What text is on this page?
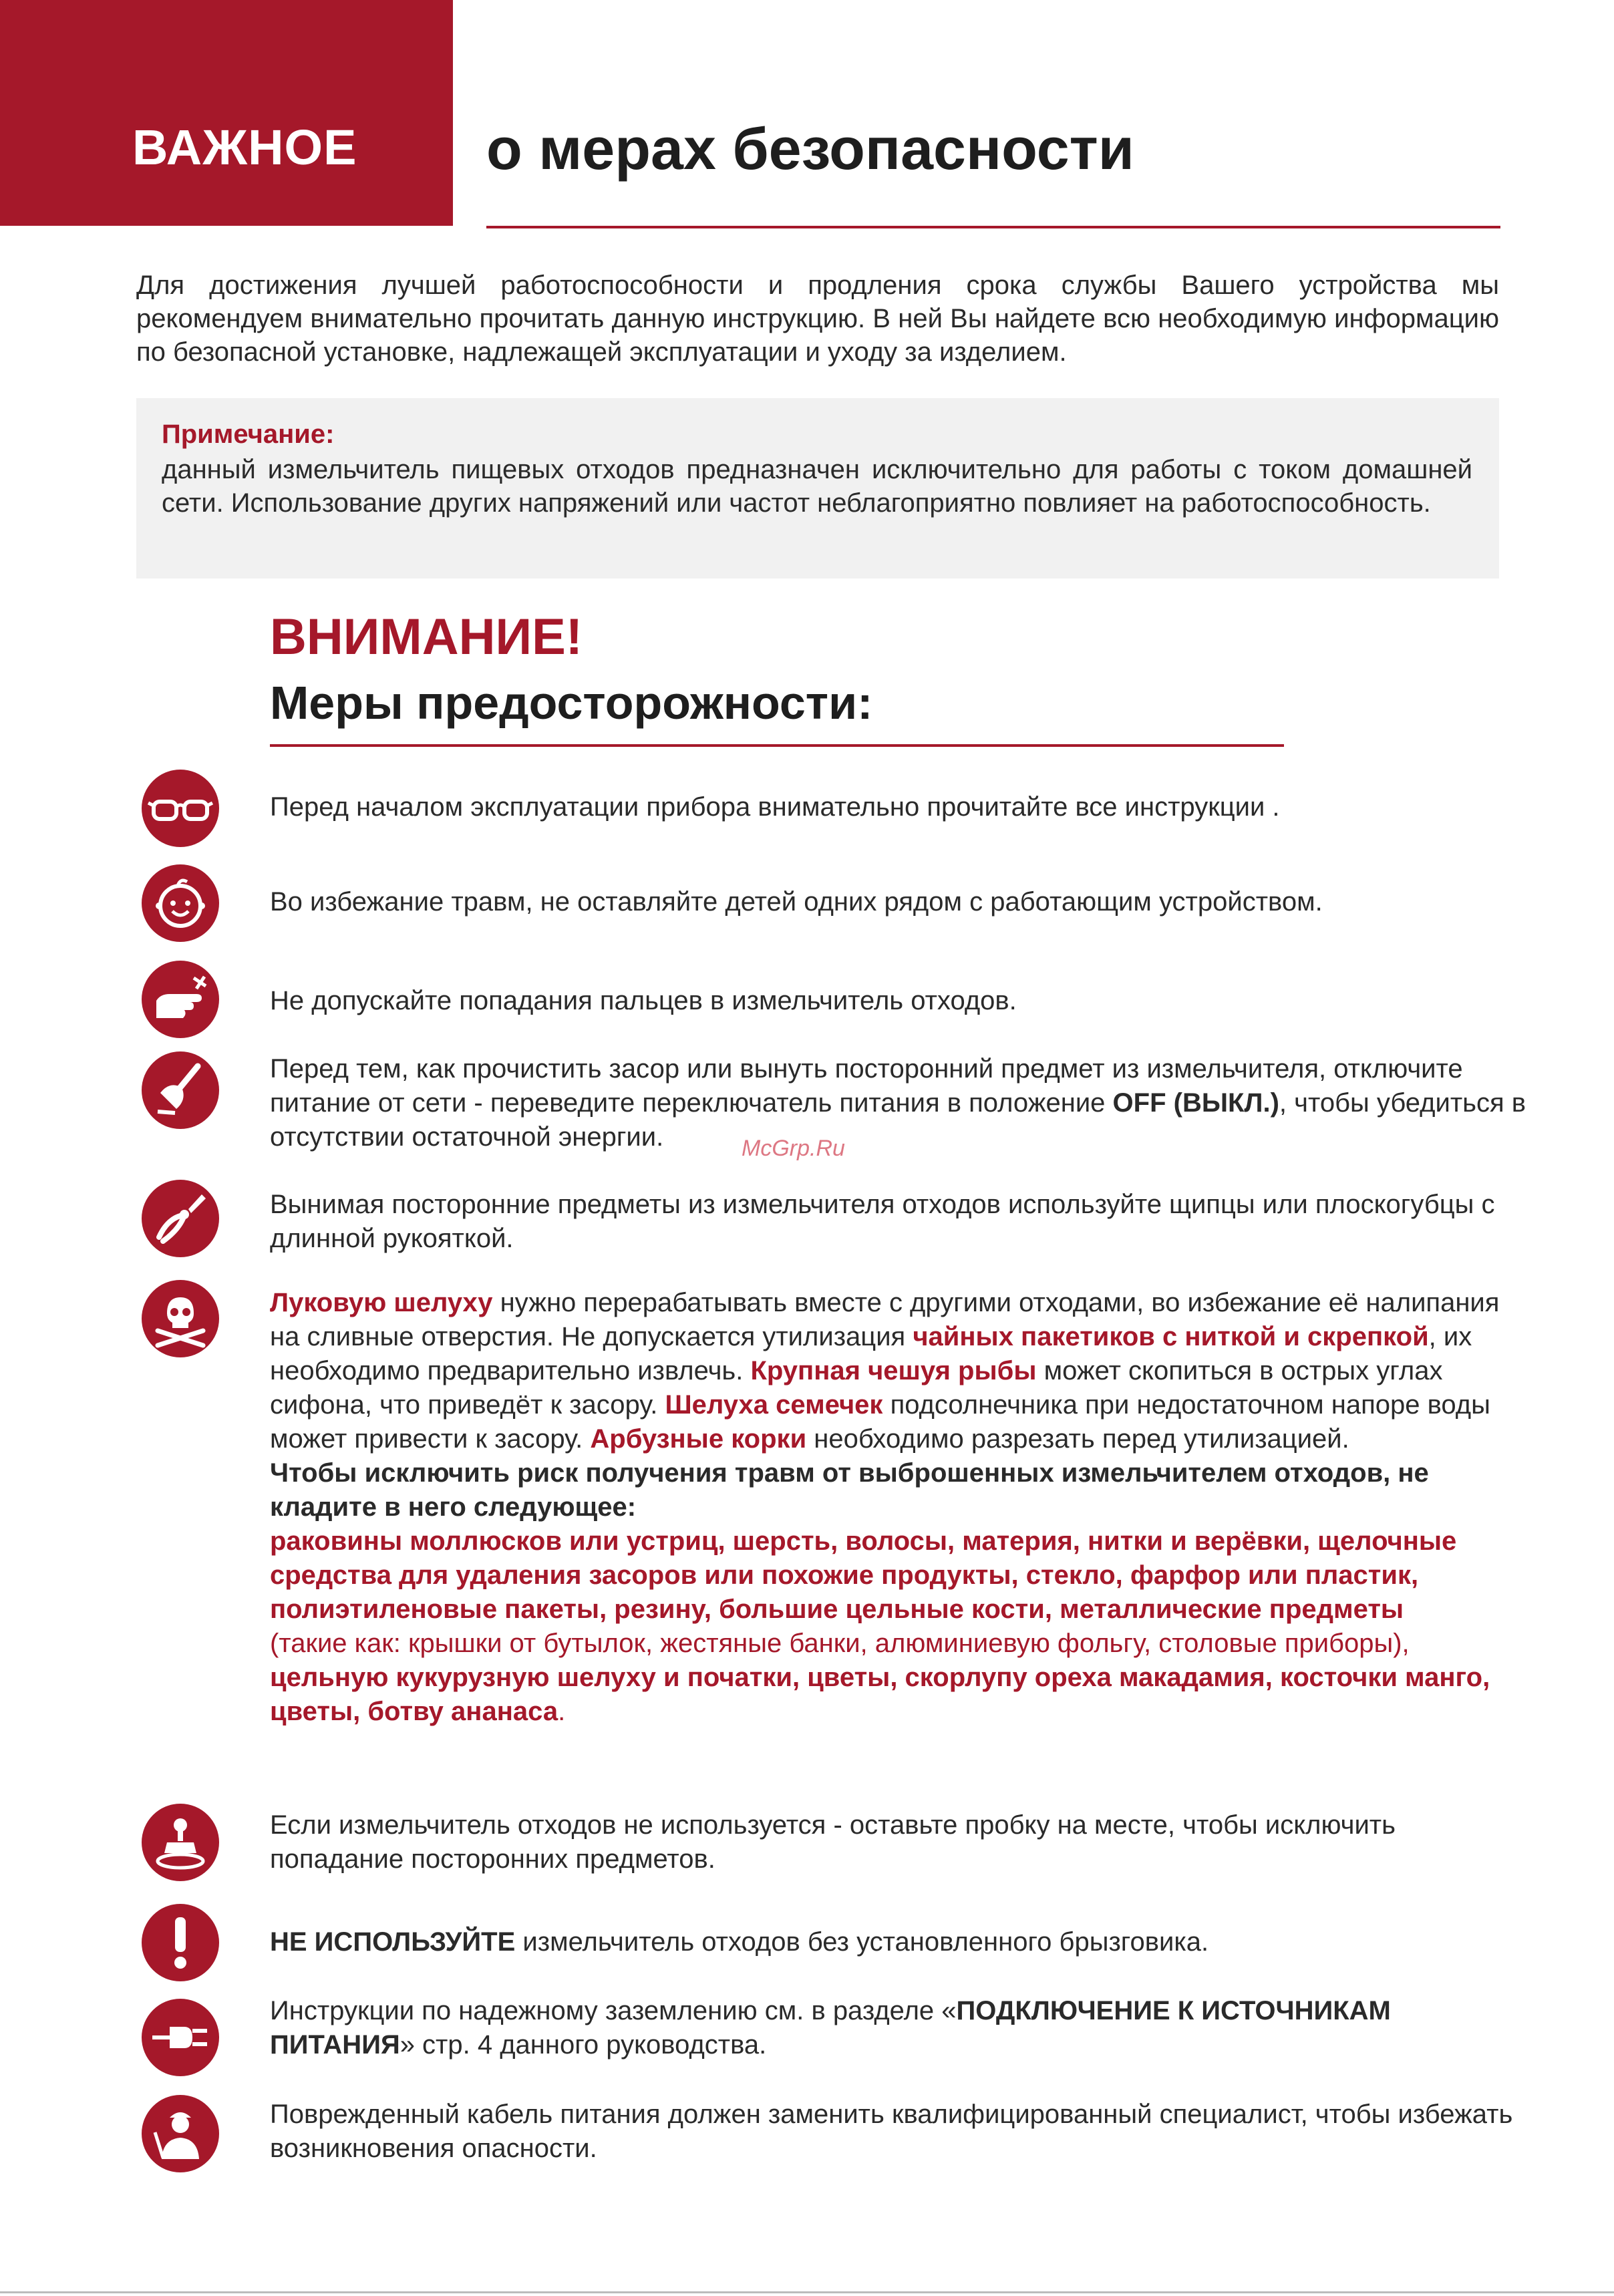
ВАЖНОЕ о мерах безопасности
Для достижения лучшей работоспособности и продления срока службы Вашего устройства мы рекомендуем внимательно прочитать данную инструкцию. В ней Вы найдете всю необходимую информацию по безопасной установке, надлежащей эксплуатации и уходу за изделием.
Примечание:
данный измельчитель пищевых отходов предназначен исключительно для работы с током домашней сети. Использование других напряжений или частот неблагоприятно повлияет на работоспособность.
ВНИМАНИЕ!
Меры предосторожности:
Перед началом эксплуатации прибора внимательно прочитайте все инструкции .
Во избежание травм, не оставляйте детей одних рядом с работающим устройством.
Не допускайте попадания пальцев в измельчитель отходов.
Перед тем, как прочистить засор или вынуть посторонний предмет из измельчителя, отключите питание от сети - переведите переключатель питания в положение OFF (ВЫКЛ.), чтобы убедиться в отсутствии остаточной энергии.
Вынимая посторонние предметы из измельчителя отходов используйте щипцы или плоскогубцы с длинной рукояткой.
Луковую шелуху нужно перерабатывать вместе с другими отходами, во избежание её налипания на сливные отверстия. Не допускается утилизация чайных пакетиков с ниткой и скрепкой, их необходимо предварительно извлечь. Крупная чешуя рыбы может скопиться в острых углах сифона, что приведёт к засору. Шелуха семечек подсолнечника при недостаточном напоре воды может привести к засору. Арбузные корки необходимо разрезать перед утилизацией.
Чтобы исключить риск получения травм от выброшенных измельчителем отходов, не кладите в него следующее:
раковины моллюсков или устриц, шерсть, волосы, материя, нитки и верёвки, щелочные средства для удаления засоров или похожие продукты, стекло, фарфор или пластик, полиэтиленовые пакеты, резину, большие цельные кости, металлические предметы
(такие как: крышки от бутылок, жестяные банки, алюминиевую фольгу, столовые приборы),
цельную кукурузную шелуху и початки, цветы, скорлупу ореха макадамия, косточки манго, цветы, ботву ананаса.
Если измельчитель отходов не используется - оставьте пробку на месте, чтобы исключить попадание посторонних предметов.
НЕ ИСПОЛЬЗУЙТЕ измельчитель отходов без установленного брызговика.
Инструкции по надежному заземлению см. в разделе «ПОДКЛЮЧЕНИЕ К ИСТОЧНИКАМ ПИТАНИЯ» стр. 4 данного руководства.
Поврежденный кабель питания должен заменить квалифицированный специалист, чтобы избежать возникновения опасности.
McGrp.Ru
